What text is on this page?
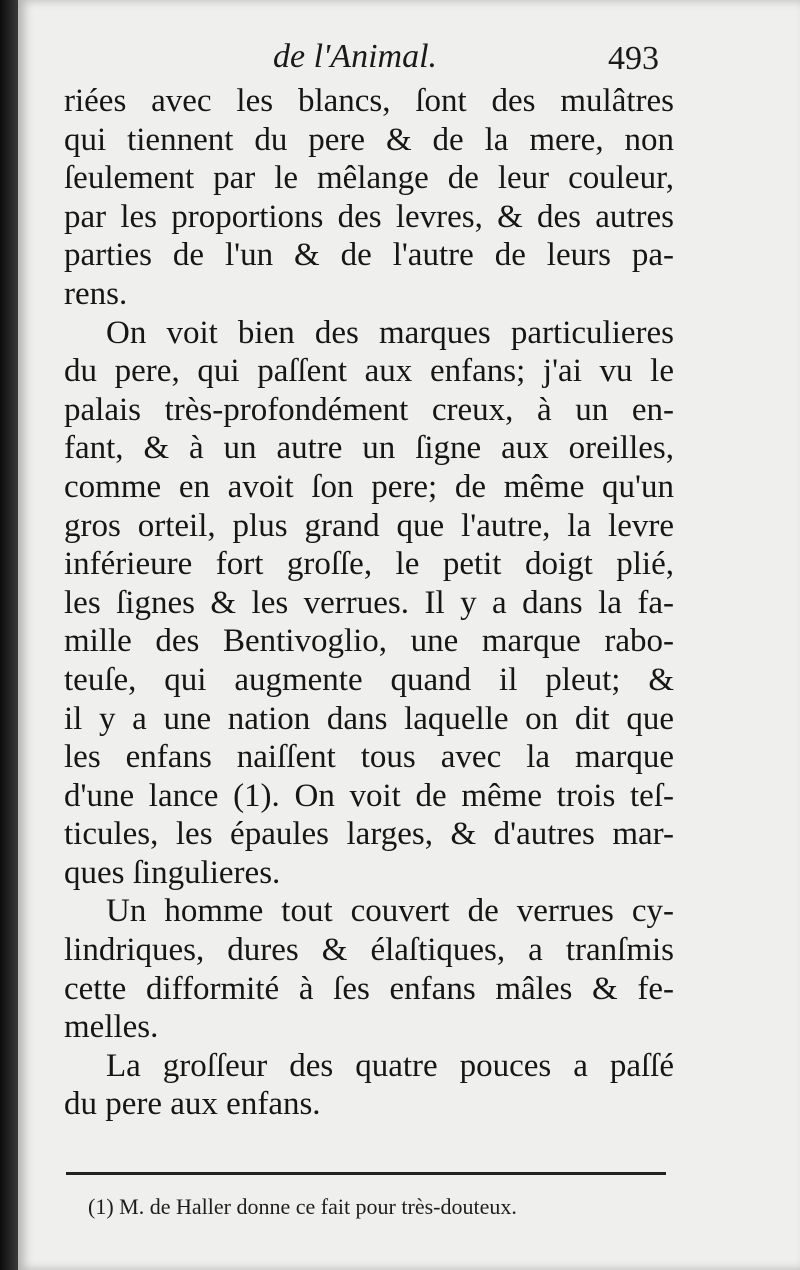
de l'Animal.	493
riées avec les blancs, ſont des mulâtres
qui tiennent du pere & de la mere, non
ſeulement par le mêlange de leur couleur,
par les proportions des levres, & des autres
parties de l'un & de l'autre de leurs pa-
rens.
On voit bien des marques particulieres
du pere, qui paſſent aux enfans; j'ai vu le
palais très-profondément creux, à un en-
fant, & à un autre un ſigne aux oreilles,
comme en avoit ſon pere; de même qu'un
gros orteil, plus grand que l'autre, la levre
inférieure fort groſſe, le petit doigt plié,
les ſignes & les verrues. Il y a dans la fa-
mille des Bentivoglio, une marque rabo-
teuſe, qui augmente quand il pleut; &
il y a une nation dans laquelle on dit que
les enfans naiſſent tous avec la marque
d'une lance (1). On voit de même trois teſ-
ticules, les épaules larges, & d'autres mar-
ques ſingulieres.
Un homme tout couvert de verrues cy-
lindriques, dures & élaſtiques, a tranſmis
cette difformité à ſes enfans mâles & fe-
melles.
La groſſeur des quatre pouces a paſſé
du pere aux enfans.
(1) M. de Haller donne ce fait pour très-douteux.
